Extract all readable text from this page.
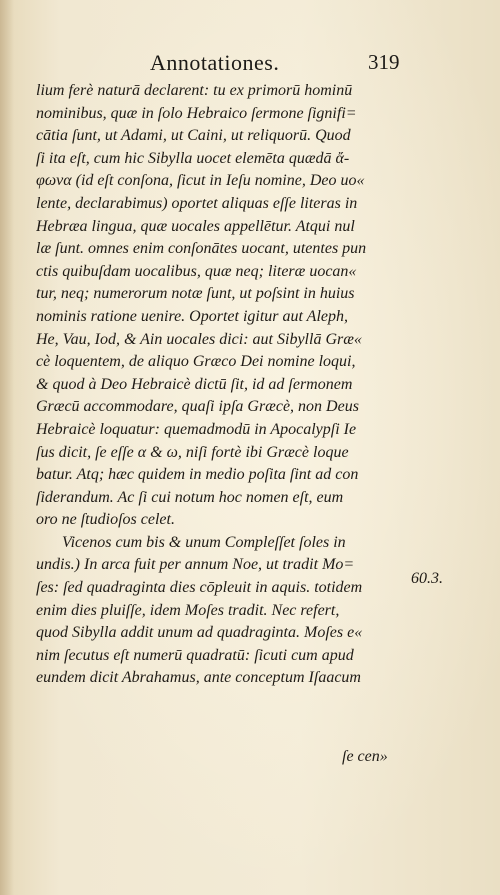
Annotationes.	319
lium ferè naturā declarent: tu ex primorū hominū
nominibus, quæ in ſolo Hebraico ſermone ſignifi=
cātia ſunt, ut Adami, ut Caini, ut reliquorū. Quod
ſi ita eſt, cum hic Sibylla uocet elemēta quædā ἄ-
φωνα (id eſt conſona, ſicut in Ieſu nomine, Deo uo«
lente, declarabimus) oportet aliquas eſſe literas in
Hebræa lingua, quæ uocales appellētur. Atqui nul
læ ſunt. omnes enim conſonātes uocant, utentes pun
ctis quibuſdam uocalibus, quæ neq; literæ uocan«
tur, neq; numerorum notæ ſunt, ut poſsint in huius
nominis ratione uenire. Oportet igitur aut Aleph,
He, Vau, Iod, & Ain uocales dici: aut Sibyllā Græ«
cè loquentem, de aliquo Græco Dei nomine loqui,
& quod à Deo Hebraicè dictū ſit, id ad ſermonem
Græcū accommodare, quaſi ipſa Græcè, non Deus
Hebraicè loquatur: quemadmodū in Apocalypſi Ie
ſus dicit, ſe eſſe α & ω, niſi fortè ibi Græcè loque
batur. Atq; hæc quidem in medio poſita ſint ad con
ſiderandum. Ac ſi cui notum hoc nomen eſt, eum
oro ne ſtudioſos celet.
Vicenos cum bis & unum Compleſſet ſoles in
undis.) In arca fuit per annum Noe, ut tradit Mo=
ſes: ſed quadraginta dies cōpleuit in aquis. totidem
enim dies pluiſſe, idem Moſes tradit. Nec refert,
quod Sibylla addit unum ad quadraginta. Moſes e«
nim ſecutus eſt numerū quadratū: ſicuti cum apud
eundem dicit Abrahamus, ante conceptum Iſaacum
60.3.
ſe cen»
